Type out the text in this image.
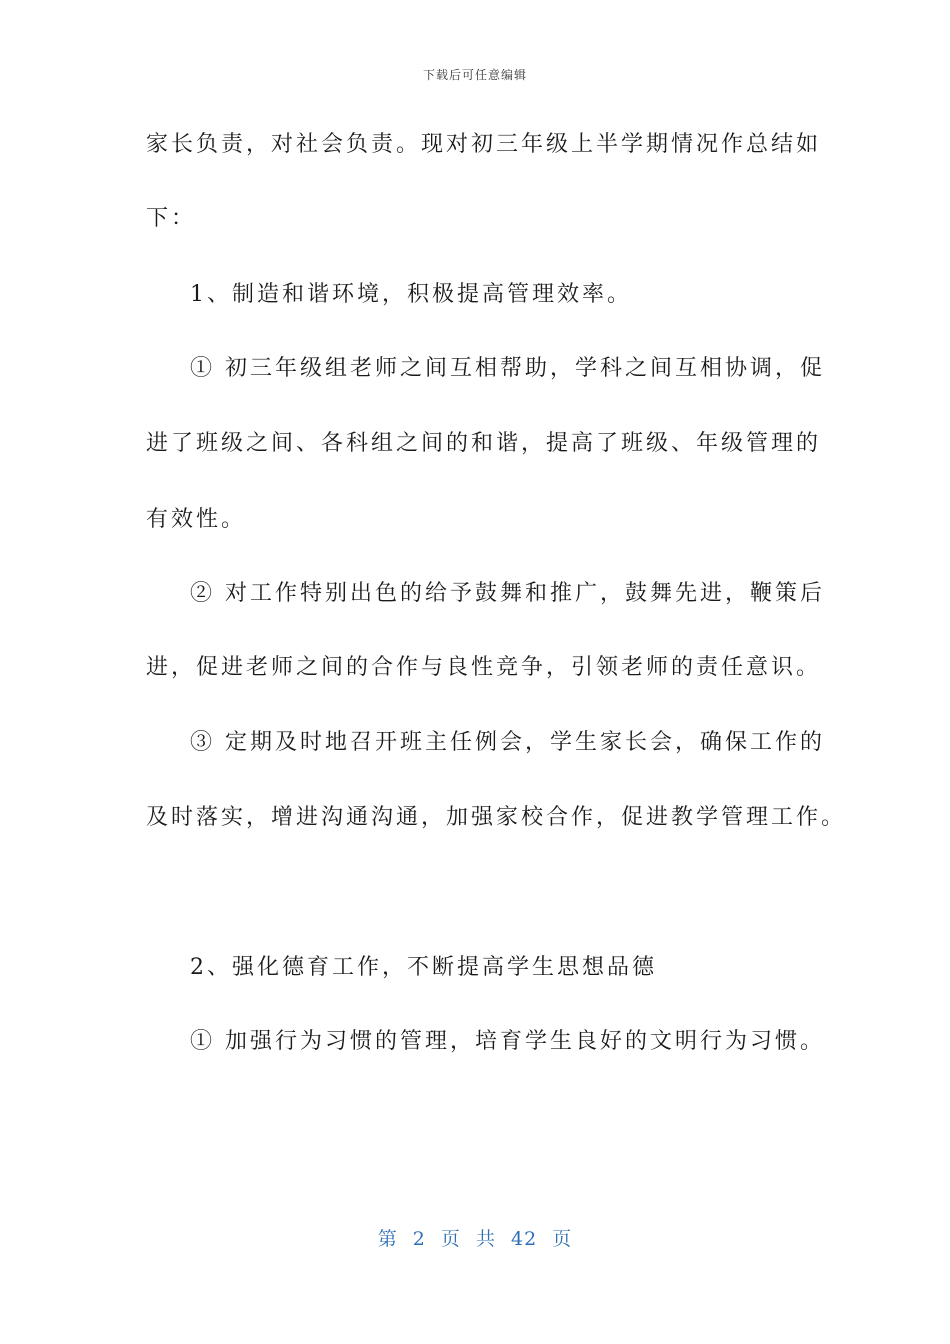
下载后可任意编辑
家长负责，对社会负责。现对初三年级上半学期情况作总结如
下：
1、制造和谐环境，积极提高管理效率。
① 初三年级组老师之间互相帮助，学科之间互相协调，促
进了班级之间、各科组之间的和谐，提高了班级、年级管理的
有效性。
② 对工作特别出色的给予鼓舞和推广，鼓舞先进，鞭策后
进，促进老师之间的合作与良性竞争，引领老师的责任意识。
③ 定期及时地召开班主任例会，学生家长会，确保工作的
及时落实，增进沟通沟通，加强家校合作，促进教学管理工作。
2、强化德育工作，不断提高学生思想品德
① 加强行为习惯的管理，培育学生良好的文明行为习惯。
第 2 页 共 42 页
